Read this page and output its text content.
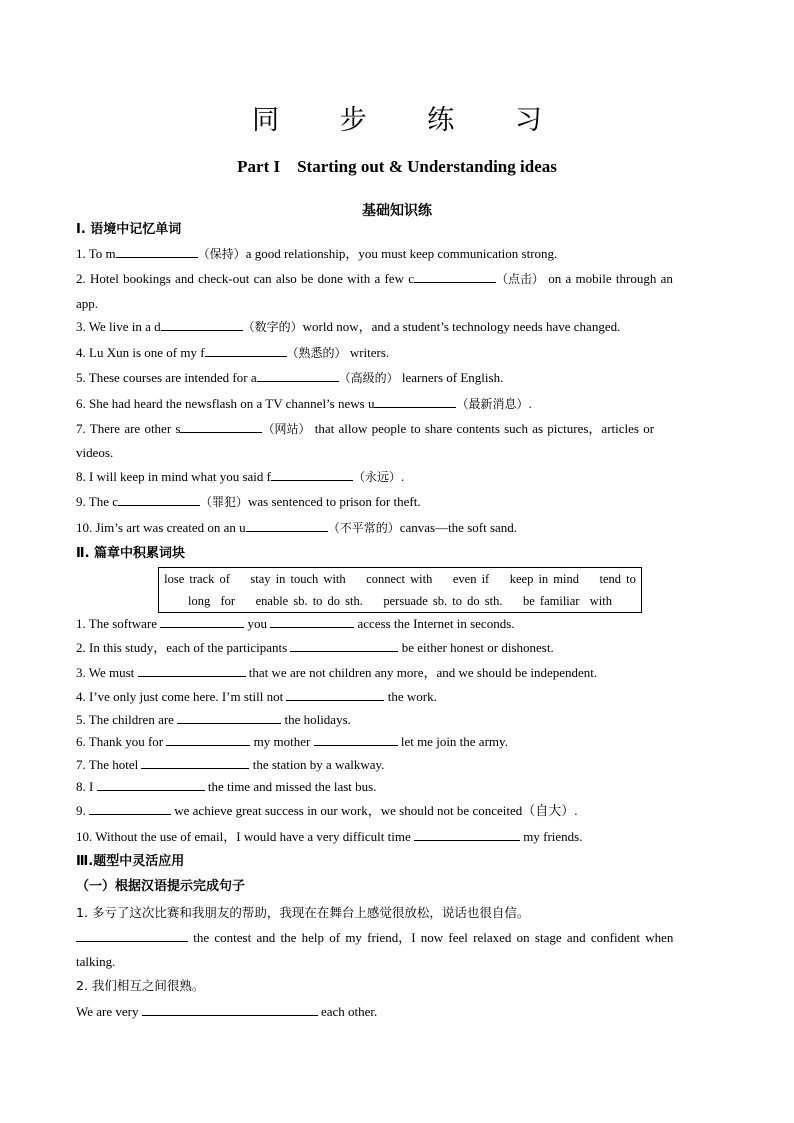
同 步 练 习
Part I    Starting out & Understanding ideas
基础知识练
Ⅰ. 语境中记忆单词
1. To m	（保持）a good relationship，you must keep communication strong.
2. Hotel bookings and check-out can also be done with a few c	（点击） on a mobile through an
app.
3. We live in a d	（数字的）world now，and a student’s technology needs have changed.
4. Lu Xun is one of my f	（熟悉的） writers.
5. These courses are intended for a	（高级的） learners of English.
6. She had heard the newsflash on a TV channel’s news u	（最新消息）.
7. There are other s	（网站） that allow people to share contents such as pictures，articles or
videos.
8. I will keep in mind what you said f	（永远）.
9. The c	（罪犯）was sentenced to prison for theft.
10. Jim’s art was created on an u	（不平常的）canvas—the soft sand.
Ⅱ. 篇章中积累词块
lose track of    stay in touch with    connect with    even if    keep in mind    tend to
long  for    enable sb. to do sth.    persuade sb. to do sth.    be familiar  with
1. The software	you	access the Internet in seconds.
2. In this study，each of the participants	be either honest or dishonest.
3. We must	that we are not children any more，and we should be independent.
4. I’ve only just come here. I’m still not	the work.
5. The children are	the holidays.
6. Thank you for	my mother	let me join the army.
7. The hotel	the station by a walkway.
8. I	the time and missed the last bus.
9.	we achieve great success in our work，we should not be conceited（自大）.
10. Without the use of email，I would have a very difficult time	my friends.
Ⅲ.题型中灵活应用
（一）根据汉语提示完成句子
1. 多亏了这次比赛和我朋友的帮助，我现在在舞台上感觉很放松，说话也很自信。
the contest and the help of my friend，I now feel relaxed on stage and confident when
talking.
2. 我们相互之间很熟。
We are very	each other.
